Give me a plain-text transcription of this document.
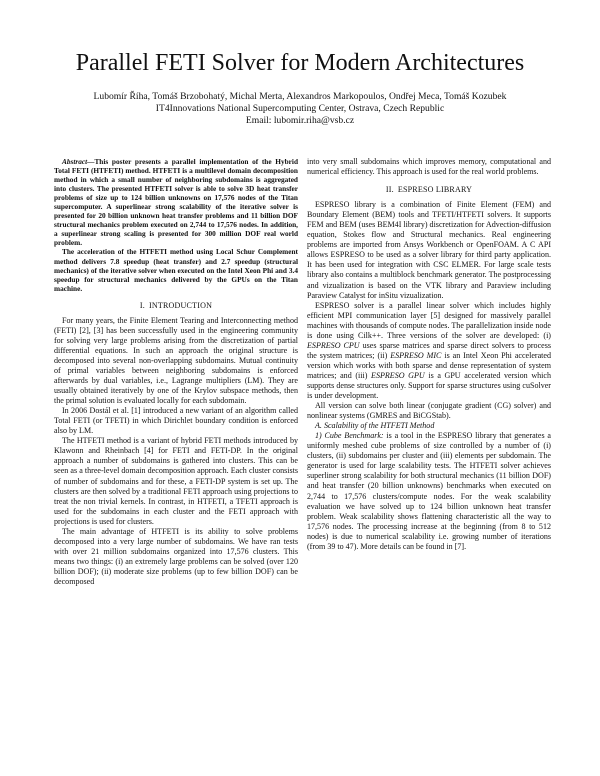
Parallel FETI Solver for Modern Architectures

Lubomír Říha, Tomáš Brzobohatý, Michal Merta, Alexandros Markopoulos, Ondřej Meca, Tomáš Kozubek

IT4Innovations National Supercomputing Center, Ostrava, Czech Republic

Email: lubomir.riha@vsb.cz

Abstract—This poster presents a parallel implementation of the Hybrid Total FETI (HTFETI) method. HTFETI is a multilevel domain decomposition method in which a small number of neighboring subdomains is aggregated into clusters. The presented HTFETI solver is able to solve 3D heat transfer problems of size up to 124 billion unknowns on 17,576 nodes of the Titan supercomputer. A superlinear strong scalability of the iterative solver is presented for 20 billion unknown heat transfer problems and 11 billion DOF structural mechanics problem executed on 2,744 to 17,576 nodes. In addition, a superlinear strong scaling is presented for 300 million DOF real world problem.

The acceleration of the HTFETI method using Local Schur Complement method delivers 7.8 speedup (heat transfer) and 2.7 speedup (structural mechanics) of the iterative solver when executed on the Intel Xeon Phi and 3.4 speedup for structural mechanics delivered by the GPUs on the Titan machine.

I. INTRODUCTION

For many years, the Finite Element Tearing and Interconnecting method (FETI) [2], [3] has been successfully used in the engineering community for solving very large problems arising from the discretization of partial differential equations. In such an approach the original structure is decomposed into several non-overlapping subdomains. Mutual continuity of primal variables between neighboring subdomains is enforced afterwards by dual variables, i.e., Lagrange multipliers (LM). They are usually obtained iteratively by one of the Krylov subspace methods, then the primal solution is evaluated locally for each subdomain.

In 2006 Dostál et al. [1] introduced a new variant of an algorithm called Total FETI (or TFETI) in which Dirichlet boundary condition is enforced also by LM.

The HTFETI method is a variant of hybrid FETI methods introduced by Klawonn and Rheinbach [4] for FETI and FETI-DP. In the original approach a number of subdomains is gathered into clusters. This can be seen as a three-level domain decomposition approach. Each cluster consists of number of subdomains and for these, a FETI-DP system is set up. The clusters are then solved by a traditional FETI approach using projections to treat the non trivial kernels. In contrast, in HTFETI, a TFETI approach is used for the subdomains in each cluster and the FETI approach with projections is used for clusters.

The main advantage of HTFETI is its ability to solve problems decomposed into a very large number of subdomains. We have ran tests with over 21 million subdomains organized into 17,576 clusters. This means two things: (i) an extremely large problems can be solved (over 120 billion DOF); (ii) moderate size problems (up to few billion DOF) can be decomposed

into very small subdomains which improves memory, computational and numerical efficiency. This approach is used for the real world problems.

II. ESPRESO LIBRARY

ESPRESO library is a combination of Finite Element (FEM) and Boundary Element (BEM) tools and TFETI/HTFETI solvers. It supports FEM and BEM (uses BEM4I library) discretization for Advection-diffusion equation, Stokes flow and Structural mechanics. Real engineering problems are imported from Ansys Workbench or OpenFOAM. A C API allows ESPRESO to be used as a solver library for third party application. It has been used for integration with CSC ELMER. For large scale tests library also contains a multiblock benchmark generator. The postprocessing and vizualization is based on the VTK library and Paraview including Paraview Catalyst for inSitu vizualization.

ESPRESO solver is a parallel linear solver which includes highly efficient MPI communication layer [5] designed for massively parallel machines with thousands of compute nodes. The parallelization inside node is done using Cilk++. Three versions of the solver are developed: (i) ESPRESO CPU uses sparse matrices and sparse direct solvers to process the system matrices; (ii) ESPRESO MIC is an Intel Xeon Phi accelerated version which works with both sparse and dense representation of system matrices; and (iii) ESPRESO GPU is a GPU accelerated version which supports dense structures only. Support for sparse structures using cuSolver is under development.

All version can solve both linear (conjugate gradient (CG) solver) and nonlinear systems (GMRES and BiCGStab).

A. Scalability of the HTFETI Method

1) Cube Benchmark: is a tool in the ESPRESO library that generates a uniformly meshed cube problems of size controlled by a number of (i) clusters, (ii) subdomains per cluster and (iii) elements per subdomain. The generator is used for large scalability tests. The HTFETI solver achieves superliner strong scalability for both structural mechanics (11 billion DOF) and heat transfer (20 billion unknowns) benchmarks when executed on 2,744 to 17,576 clusters/compute nodes. For the weak scalability evaluation we have solved up to 124 billion unknown heat transfer problem. Weak scalability shows flattening characteristic all the way to 17,576 nodes. The processing increase at the beginning (from 8 to 512 nodes) is due to numerical scalability i.e. growing number of iterations (from 39 to 47). More details can be found in [7].
